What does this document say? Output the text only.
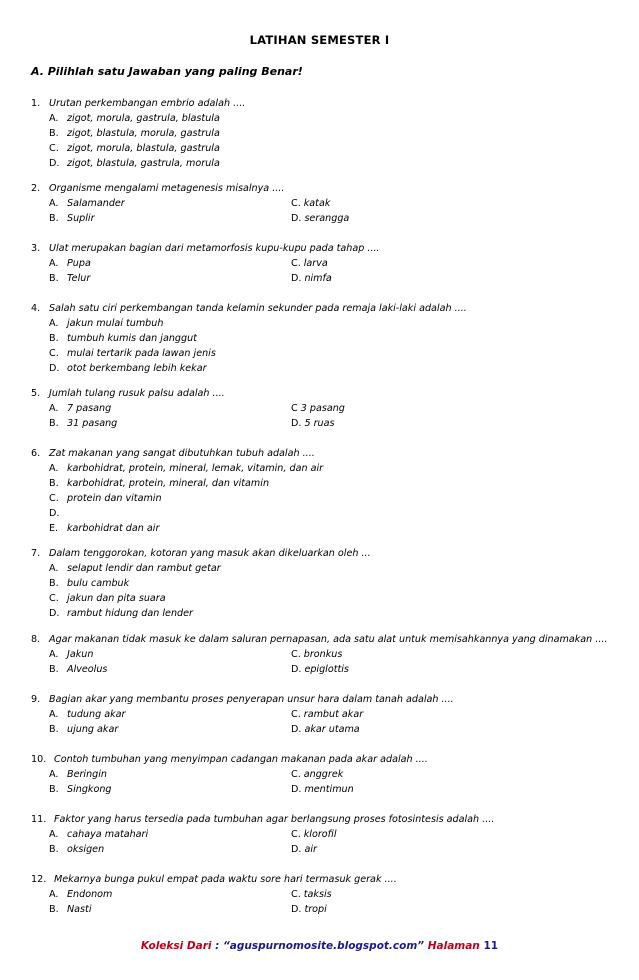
LATIHAN SEMESTER I
A. Pilihlah satu Jawaban yang paling Benar!
1. Urutan perkembangan embrio adalah ....
A. zigot, morula, gastrula, blastula
B. zigot, blastula, morula, gastrula
C. zigot, morula, blastula, gastrula
D. zigot, blastula, gastrula, morula
2. Organisme mengalami metagenesis misalnya ....
A. Salamander	C. katak
B. Suplir	D. serangga
3. Ulat merupakan bagian dari metamorfosis kupu-kupu pada tahap ....
A. Pupa	C. larva
B. Telur	D. nimfa
4. Salah satu ciri perkembangan tanda kelamin sekunder pada remaja laki-laki adalah ....
A. jakun mulai tumbuh
B. tumbuh kumis dan janggut
C. mulai tertarik pada lawan jenis
D. otot berkembang lebih kekar
5. Jumlah tulang rusuk palsu adalah ....
A. 7 pasang	C 3 pasang
B. 31 pasang	D. 5 ruas
6. Zat makanan yang sangat dibutuhkan tubuh adalah ....
A. karbohidrat, protein, mineral, lemak, vitamin, dan air
B. karbohidrat, protein, mineral, dan vitamin
C. protein dan vitamin
D.
E. karbohidrat dan air
7. Dalam tenggorokan, kotoran yang masuk akan dikeluarkan oleh ...
A. selaput lendir dan rambut getar
B. bulu cambuk
C. jakun dan pita suara
D. rambut hidung dan lender
8. Agar makanan tidak masuk ke dalam saluran pernapasan, ada satu alat untuk memisahkannya yang dinamakan ....
A. Jakun	C. bronkus
B. Alveolus	D. epiglottis
9. Bagian akar yang membantu proses penyerapan unsur hara dalam tanah adalah ....
A. tudung akar	C. rambut akar
B. ujung akar	D. akar utama
10. Contoh tumbuhan yang menyimpan cadangan makanan pada akar adalah ....
A. Beringin	C. anggrek
B. Singkong	D. mentimun
11. Faktor yang harus tersedia pada tumbuhan agar berlangsung proses fotosintesis adalah ....
A. cahaya matahari	C. klorofil
B. oksigen	D. air
12. Mekarnya bunga pukul empat pada waktu sore hari termasuk gerak ....
A. Endonom	C. taksis
B. Nasti	D. tropi
Koleksi Dari : “aguspurnomosite.blogspot.com” Halaman 11
